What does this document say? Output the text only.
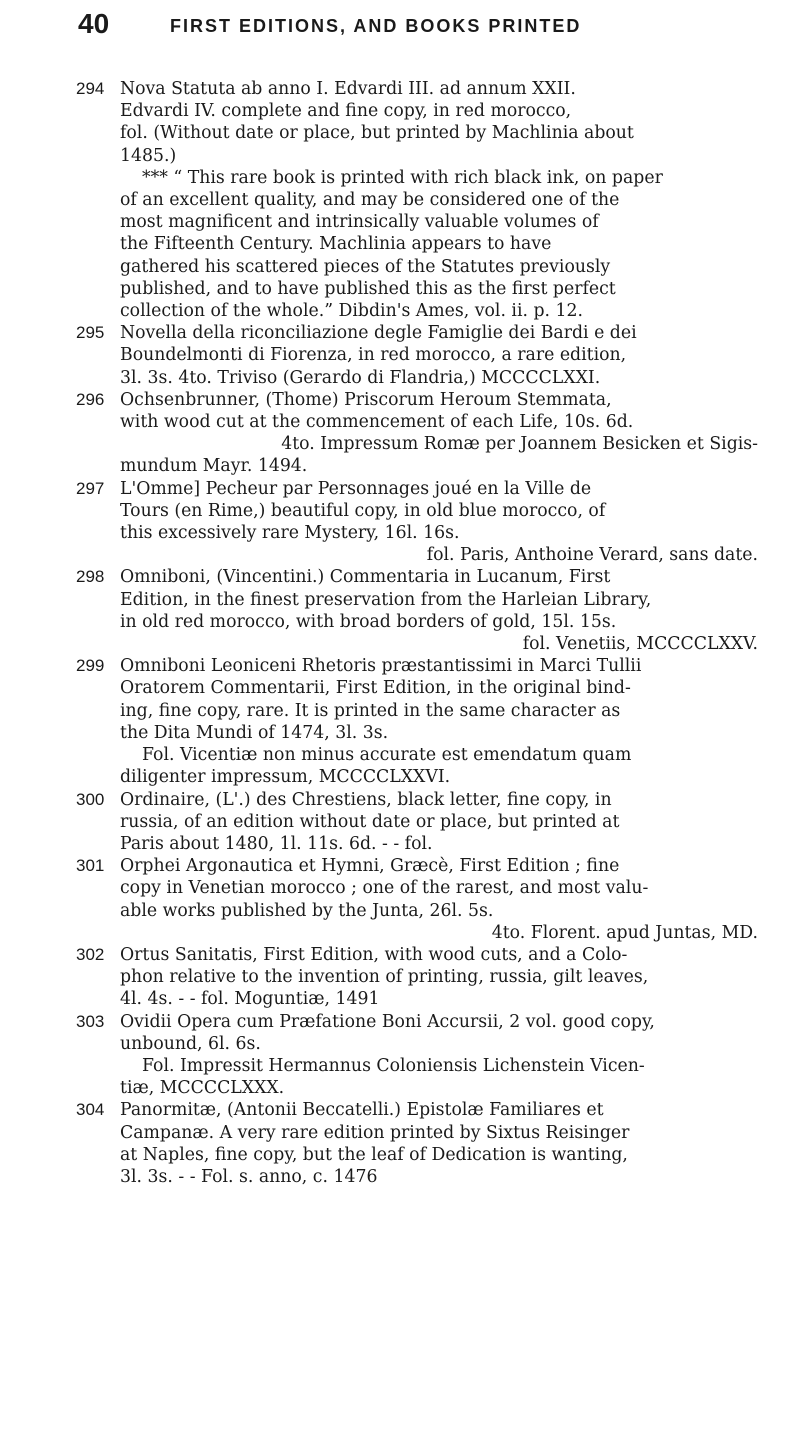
40	FIRST EDITIONS, AND BOOKS PRINTED
294 Nova Statuta ab anno I. Edvardi III. ad annum XXII.
Edvardi IV. complete and fine copy, in red morocco,
fol. (Without date or place, but printed by Machlinia about
1485.)
*** “ This rare book is printed with rich black ink, on paper
of an excellent quality, and may be considered one of the
most magnificent and intrinsically valuable volumes of
the Fifteenth Century. Machlinia appears to have
gathered his scattered pieces of the Statutes previously
published, and to have published this as the first perfect
collection of the whole.” Dibdin's Ames, vol. ii. p. 12.
295 Novella della riconciliazione degle Famiglie dei Bardi e dei
Boundelmonti di Fiorenza, in red morocco, a rare edition,
3l. 3s. 4to. Triviso (Gerardo di Flandria,) MCCCCLXXI.
296 Ochsenbrunner, (Thome) Priscorum Heroum Stemmata,
with wood cut at the commencement of each Life, 10s. 6d.
4to. Impressum Romæ per Joannem Besicken et Sigis-
mundum Mayr. 1494.
297 L'Omme] Pecheur par Personnages joué en la Ville de
Tours (en Rime,) beautiful copy, in old blue morocco, of
this excessively rare Mystery, 16l. 16s.
fol. Paris, Anthoine Verard, sans date.
298 Omniboni, (Vincentini.) Commentaria in Lucanum, First
Edition, in the finest preservation from the Harleian Library,
in old red morocco, with broad borders of gold, 15l. 15s.
fol. Venetiis, MCCCCLXXV.
299 Omniboni Leoniceni Rhetoris præstantissimi in Marci Tullii
Oratorem Commentarii, First Edition, in the original bind-
ing, fine copy, rare. It is printed in the same character as
the Dita Mundi of 1474, 3l. 3s.
Fol. Vicentiæ non minus accurate est emendatum quam
diligenter impressum, MCCCCLXXVI.
300 Ordinaire, (L'.) des Chrestiens, black letter, fine copy, in
russia, of an edition without date or place, but printed at
Paris about 1480, 1l. 11s. 6d. - - fol.
301 Orphei Argonautica et Hymni, Græcè, First Edition ; fine
copy in Venetian morocco ; one of the rarest, and most valu-
able works published by the Junta, 26l. 5s.
4to. Florent. apud Juntas, MD.
302 Ortus Sanitatis, First Edition, with wood cuts, and a Colo-
phon relative to the invention of printing, russia, gilt leaves,
4l. 4s. - - fol. Moguntiæ, 1491
303 Ovidii Opera cum Præfatione Boni Accursii, 2 vol. good copy,
unbound, 6l. 6s.
Fol. Impressit Hermannus Coloniensis Lichenstein Vicen-
tiæ, MCCCCLXXX.
304 Panormitæ, (Antonii Beccatelli.) Epistolæ Familiares et
Campanæ. A very rare edition printed by Sixtus Reisinger
at Naples, fine copy, but the leaf of Dedication is wanting,
3l. 3s. - - Fol. s. anno, c. 1476
